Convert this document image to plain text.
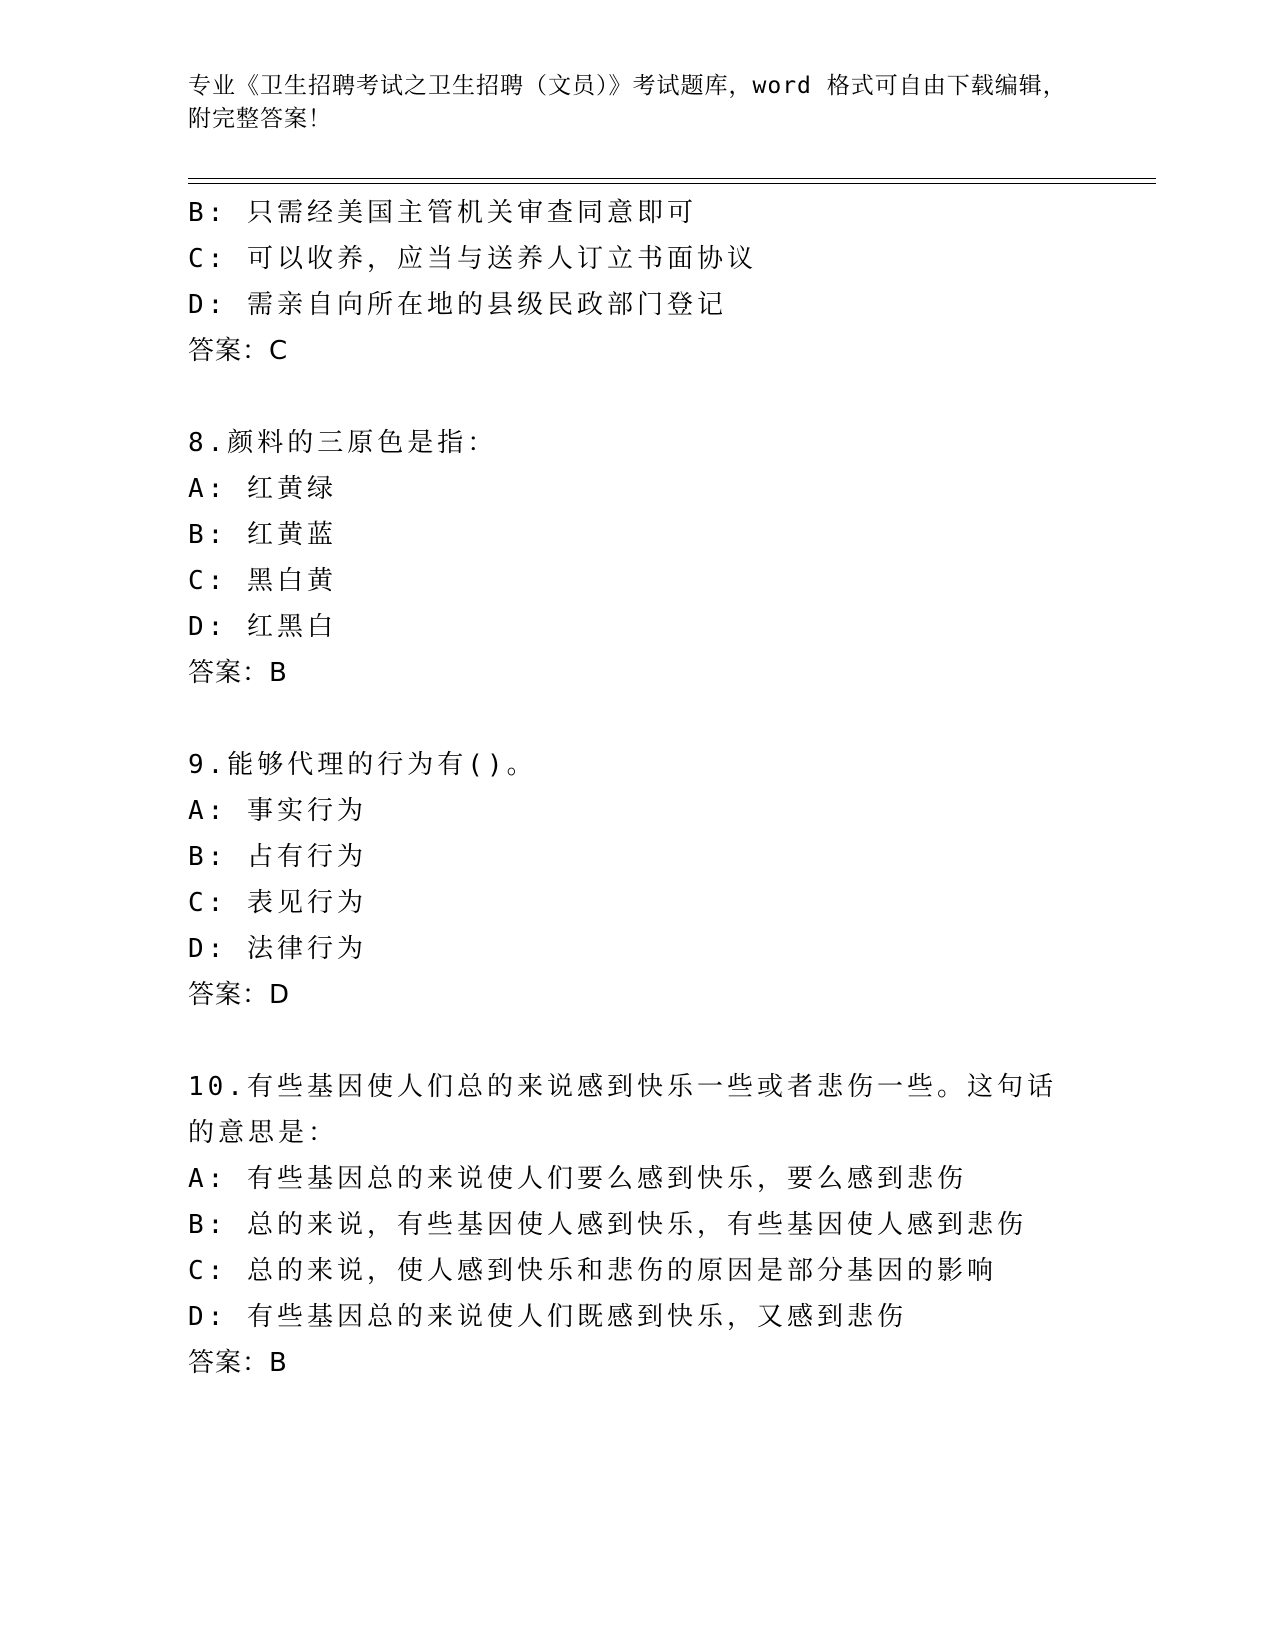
专业《卫生招聘考试之卫生招聘（文员）》考试题库，word 格式可自由下载编辑，附完整答案！
B: 只需经美国主管机关审查同意即可
C: 可以收养，应当与送养人订立书面协议
D: 需亲自向所在地的县级民政部门登记
答案：C
8.颜料的三原色是指：
A: 红黄绿
B: 红黄蓝
C: 黑白黄
D: 红黑白
答案：B
9.能够代理的行为有()。
A: 事实行为
B: 占有行为
C: 表见行为
D: 法律行为
答案：D
10.有些基因使人们总的来说感到快乐一些或者悲伤一些。这句话的意思是：
A: 有些基因总的来说使人们要么感到快乐，要么感到悲伤
B: 总的来说，有些基因使人感到快乐，有些基因使人感到悲伤
C: 总的来说，使人感到快乐和悲伤的原因是部分基因的影响
D: 有些基因总的来说使人们既感到快乐，又感到悲伤
答案：B
